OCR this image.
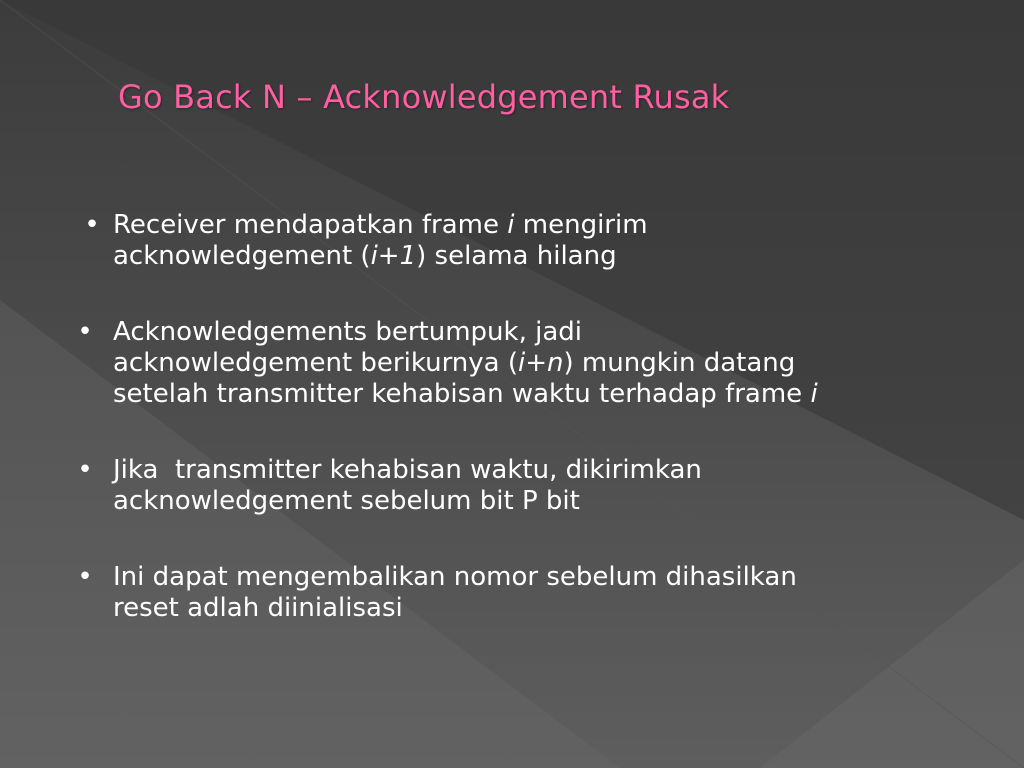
Go Back N – Acknowledgement Rusak
• Receiver mendapatkan frame i mengirim
acknowledgement (i+1) selama hilang
• Acknowledgements bertumpuk, jadi
acknowledgement berikurnya (i+n) mungkin datang
setelah transmitter kehabisan waktu terhadap frame i
• Jika  transmitter kehabisan waktu, dikirimkan
acknowledgement sebelum bit P bit
• Ini dapat mengembalikan nomor sebelum dihasilkan
reset adlah diinialisasi
